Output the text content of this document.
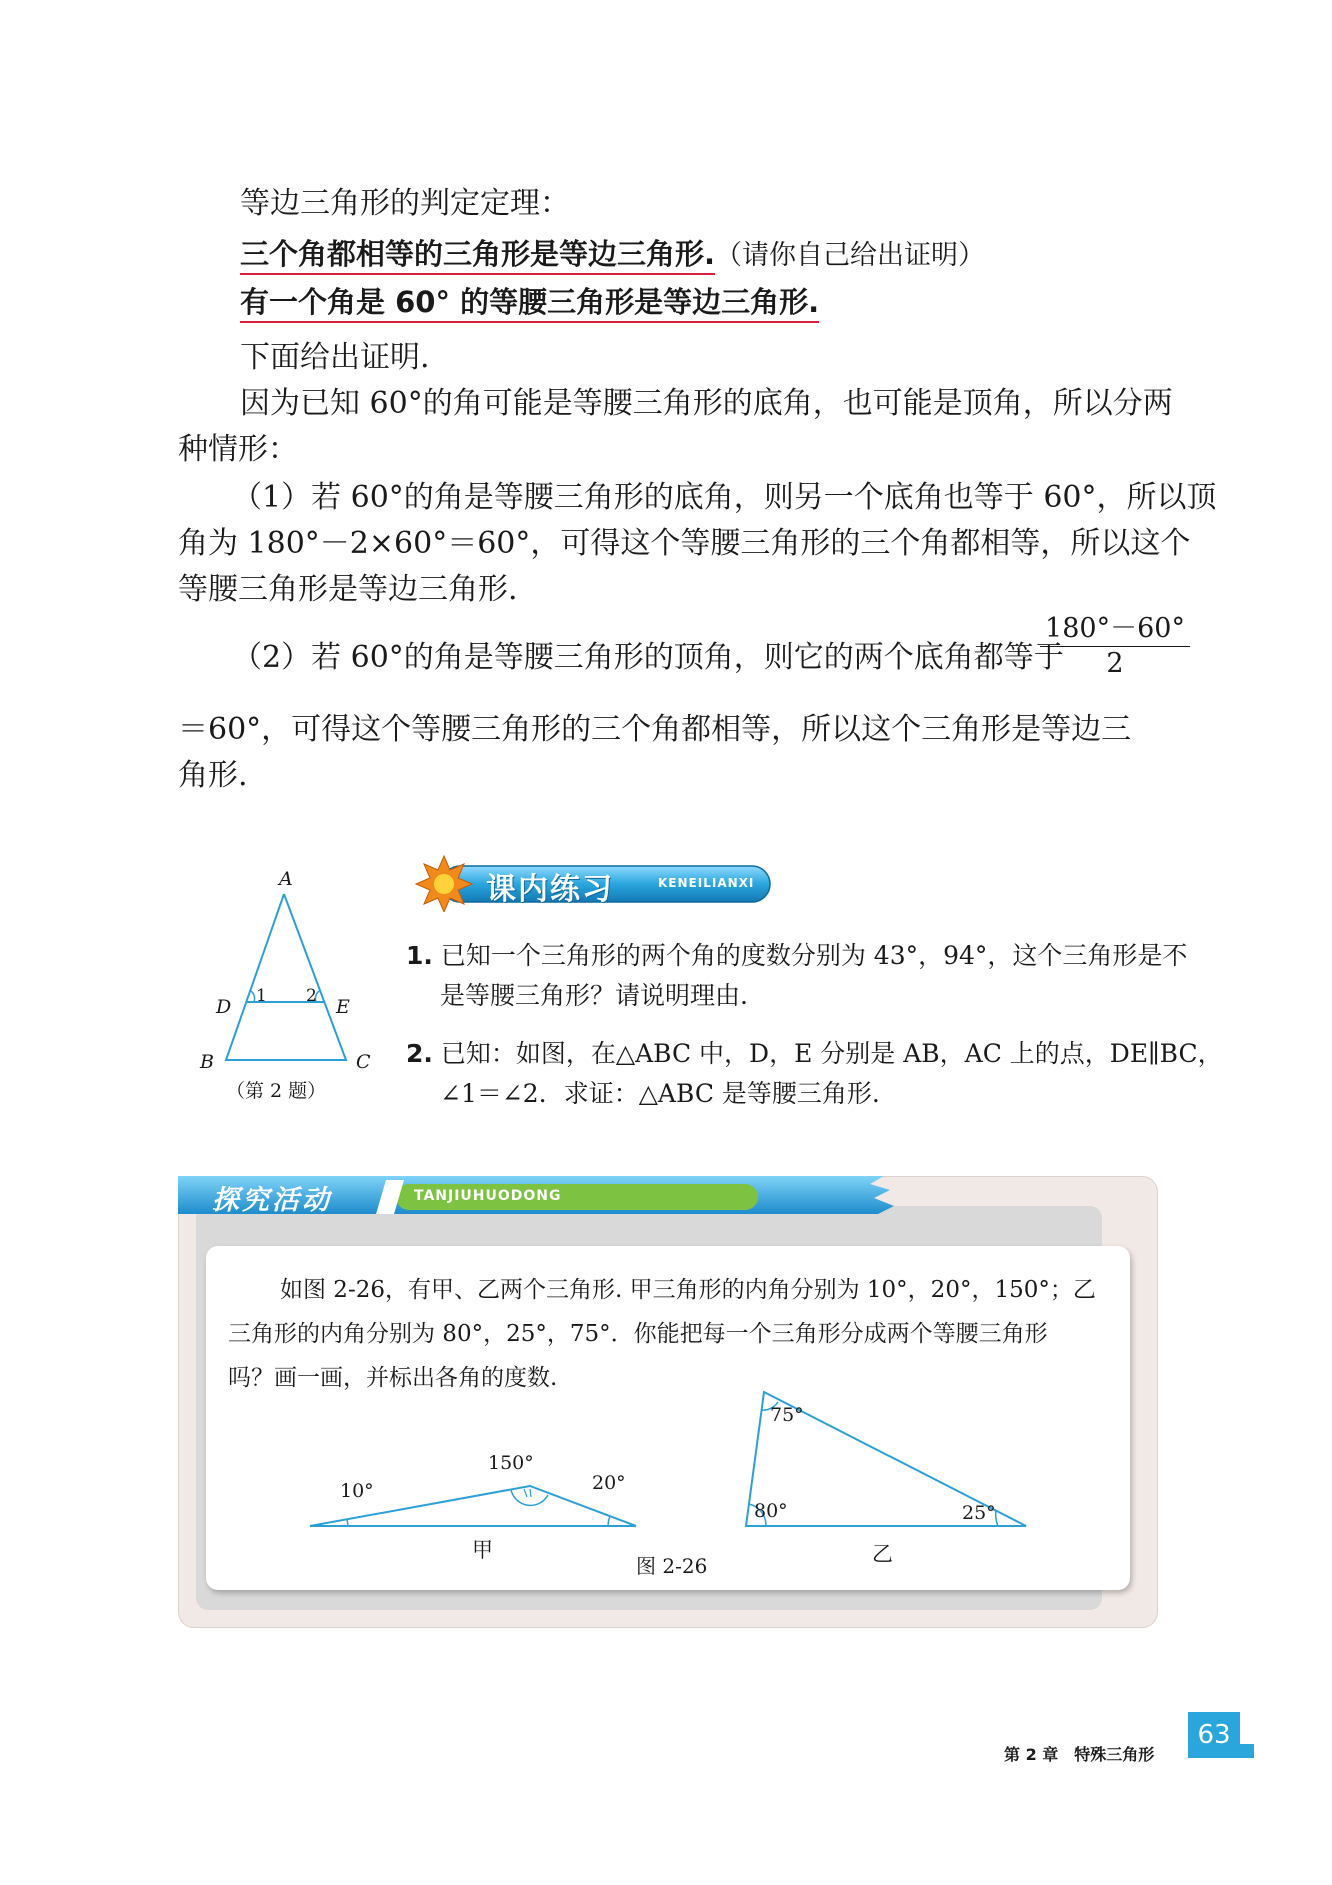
等边三角形的判定定理：
三个角都相等的三角形是等边三角形.（请你自己给出证明）
有一个角是 60° 的等腰三角形是等边三角形.
下面给出证明.
因为已知 60°的角可能是等腰三角形的底角，也可能是顶角，所以分两
种情形：
（1）若 60°的角是等腰三角形的底角，则另一个底角也等于 60°，所以顶
角为 180°－2×60°＝60°，可得这个等腰三角形的三个角都相等，所以这个
等腰三角形是等边三角形.
（2）若 60°的角是等腰三角形的顶角，则它的两个底角都等于
$\frac{180^\circ-60^\circ}{2}$
＝60°，可得这个等腰三角形的三个角都相等，所以这个三角形是等边三
角形.
课内练习	KENEILIANXI
A
D	E
B	C
1 2
（第 2 题）
1. 已知一个三角形的两个角的度数分别为 43°，94°，这个三角形是不
是等腰三角形？请说明理由.
2. 已知：如图，在△ABC 中，D，E 分别是 AB，AC 上的点，DE∥BC，
∠1＝∠2．求证：△ABC 是等腰三角形.
探究活动	TANJIUHUODONG
如图 2-26，有甲、乙两个三角形. 甲三角形的内角分别为 10°，20°，150°；乙
三角形的内角分别为 80°，25°，75°．你能把每一个三角形分成两个等腰三角形
吗？画一画，并标出各角的度数.
10°
150°
20°
甲
75°
80°	25°
乙
图 2-26
第 2 章　特殊三角形
63
